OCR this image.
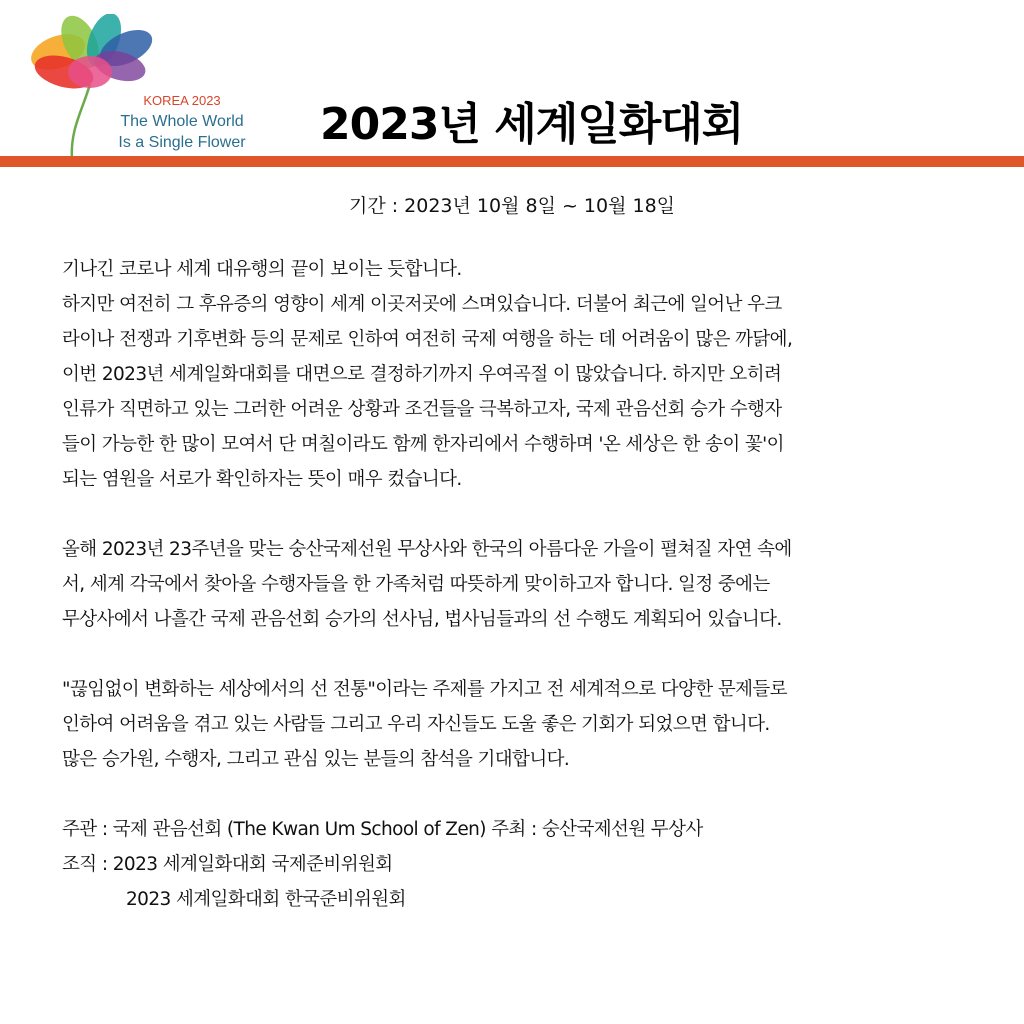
KOREA 2023
The Whole World
Is a Single Flower	2023년 세계일화대회
기간 : 2023년 10월 8일 ~ 10월 18일

기나긴 코로나 세계 대유행의 끝이 보이는 듯합니다.
하지만 여전히 그 후유증의 영향이 세계 이곳저곳에 스며있습니다. 더불어 최근에 일어난 우크
라이나 전쟁과 기후변화 등의 문제로 인하여 여전히 국제 여행을 하는 데 어려움이 많은 까닭에,
이번 2023년 세계일화대회를 대면으로 결정하기까지 우여곡절 이 많았습니다. 하지만 오히려
인류가 직면하고 있는 그러한 어려운 상황과 조건들을 극복하고자, 국제 관음선회 승가 수행자
들이 가능한 한 많이 모여서 단 며칠이라도 함께 한자리에서 수행하며 '온 세상은 한 송이 꽃'이
되는 염원을 서로가 확인하자는 뜻이 매우 컸습니다.

올해 2023년 23주년을 맞는 숭산국제선원 무상사와 한국의 아름다운 가을이 펼쳐질 자연 속에
서, 세계 각국에서 찾아올 수행자들을 한 가족처럼 따뜻하게 맞이하고자 합니다. 일정 중에는
무상사에서 나흘간 국제 관음선회 승가의 선사님, 법사님들과의 선 수행도 계획되어 있습니다.

"끊임없이 변화하는 세상에서의 선 전통"이라는 주제를 가지고 전 세계적으로 다양한 문제들로
인하여 어려움을 겪고 있는 사람들 그리고 우리 자신들도 도울 좋은 기회가 되었으면 합니다.
많은 승가원, 수행자, 그리고 관심 있는 분들의 참석을 기대합니다.

주관 : 국제 관음선회 (The Kwan Um School of Zen) 주최 : 숭산국제선원 무상사
조직 : 2023 세계일화대회 국제준비위원회
2023 세계일화대회 한국준비위원회
